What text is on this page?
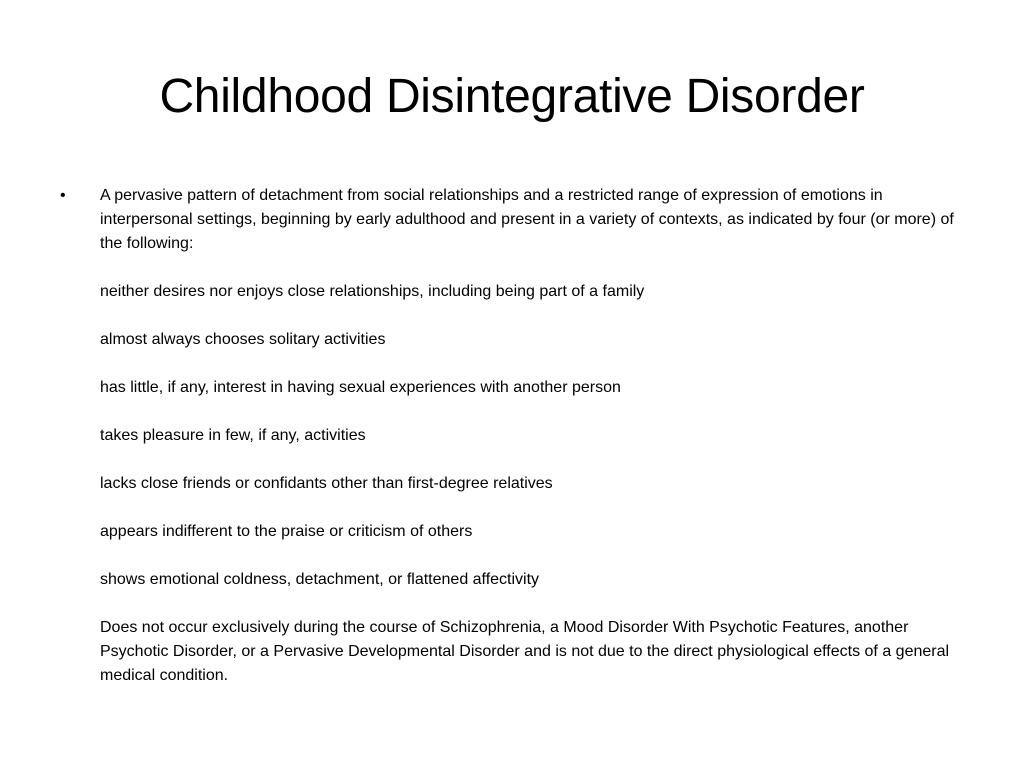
Childhood Disintegrative Disorder
•	A pervasive pattern of detachment from social relationships and a restricted range of expression of emotions in interpersonal settings, beginning by early adulthood and present in a variety of contexts, as indicated by four (or more) of the following:

neither desires nor enjoys close relationships, including being part of a family

almost always chooses solitary activities

has little, if any, interest in having sexual experiences with another person

takes pleasure in few, if any, activities

lacks close friends or confidants other than first-degree relatives

appears indifferent to the praise or criticism of others

shows emotional coldness, detachment, or flattened affectivity

Does not occur exclusively during the course of Schizophrenia, a Mood Disorder With Psychotic Features, another Psychotic Disorder, or a Pervasive Developmental Disorder and is not due to the direct physiological effects of a general medical condition.
